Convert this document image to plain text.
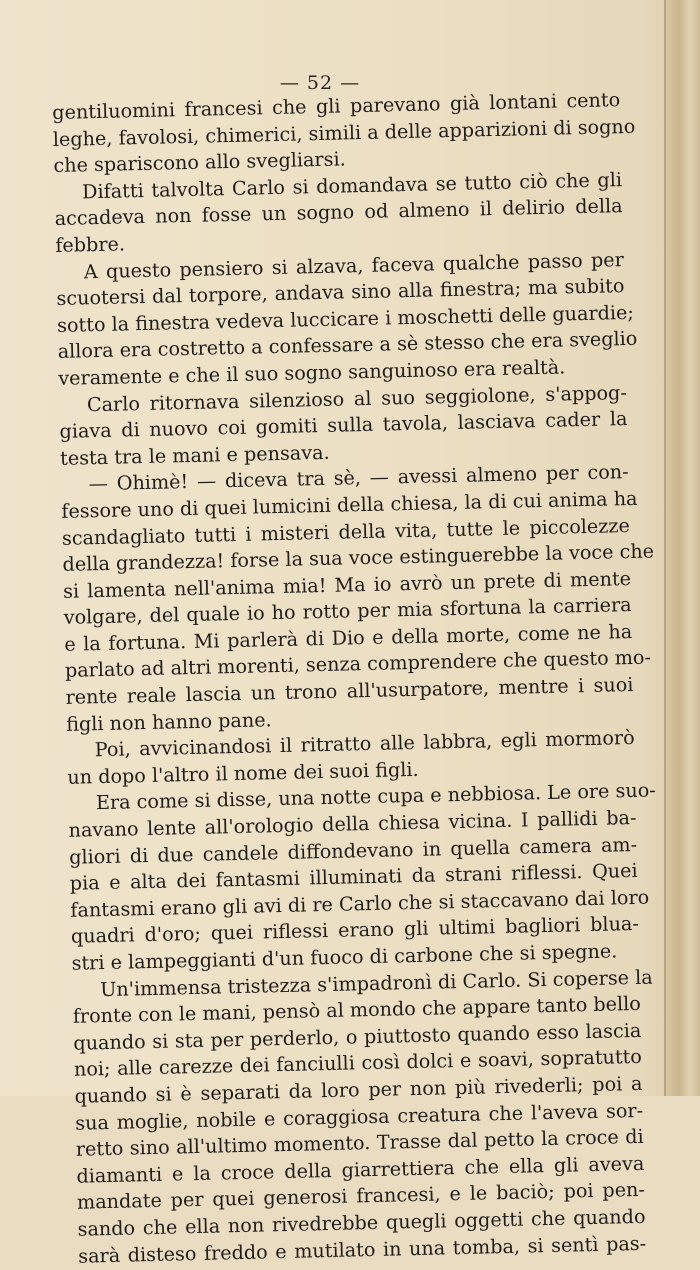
— 52 —
gentiluomini francesi che gli parevano già lontani cento
leghe, favolosi, chimerici, simili a delle apparizioni di sogno
che spariscono allo svegliarsi.
Difatti talvolta Carlo si domandava se tutto ciò che gli
accadeva non fosse un sogno od almeno il delirio della
febbre.
A questo pensiero si alzava, faceva qualche passo per
scuotersi dal torpore, andava sino alla finestra; ma subito
sotto la finestra vedeva luccicare i moschetti delle guardie;
allora era costretto a confessare a sè stesso che era sveglio
veramente e che il suo sogno sanguinoso era realtà.
Carlo ritornava silenzioso al suo seggiolone, s'appog-
giava di nuovo coi gomiti sulla tavola, lasciava cader la
testa tra le mani e pensava.
— Ohimè! — diceva tra sè, — avessi almeno per con-
fessore uno di quei lumicini della chiesa, la di cui anima ha
scandagliato tutti i misteri della vita, tutte le piccolezze
della grandezza! forse la sua voce estinguerebbe la voce che
si lamenta nell'anima mia! Ma io avrò un prete di mente
volgare, del quale io ho rotto per mia sfortuna la carriera
e la fortuna. Mi parlerà di Dio e della morte, come ne ha
parlato ad altri morenti, senza comprendere che questo mo-
rente reale lascia un trono all'usurpatore, mentre i suoi
figli non hanno pane.
Poi, avvicinandosi il ritratto alle labbra, egli mormorò
un dopo l'altro il nome dei suoi figli.
Era come si disse, una notte cupa e nebbiosa. Le ore suo-
navano lente all'orologio della chiesa vicina. I pallidi ba-
gliori di due candele diffondevano in quella camera am-
pia e alta dei fantasmi illuminati da strani riflessi. Quei
fantasmi erano gli avi di re Carlo che si staccavano dai loro
quadri d'oro; quei riflessi erano gli ultimi bagliori blua-
stri e lampeggianti d'un fuoco di carbone che si spegne.
Un'immensa tristezza s'impadronì di Carlo. Si coperse la
fronte con le mani, pensò al mondo che appare tanto bello
quando si sta per perderlo, o piuttosto quando esso lascia
noi; alle carezze dei fanciulli così dolci e soavi, sopratutto
quando si è separati da loro per non più rivederli; poi a
sua moglie, nobile e coraggiosa creatura che l'aveva sor-
retto sino all'ultimo momento. Trasse dal petto la croce di
diamanti e la croce della giarrettiera che ella gli aveva
mandate per quei generosi francesi, e le baciò; poi pen-
sando che ella non rivedrebbe quegli oggetti che quando
sarà disteso freddo e mutilato in una tomba, si sentì pas-
